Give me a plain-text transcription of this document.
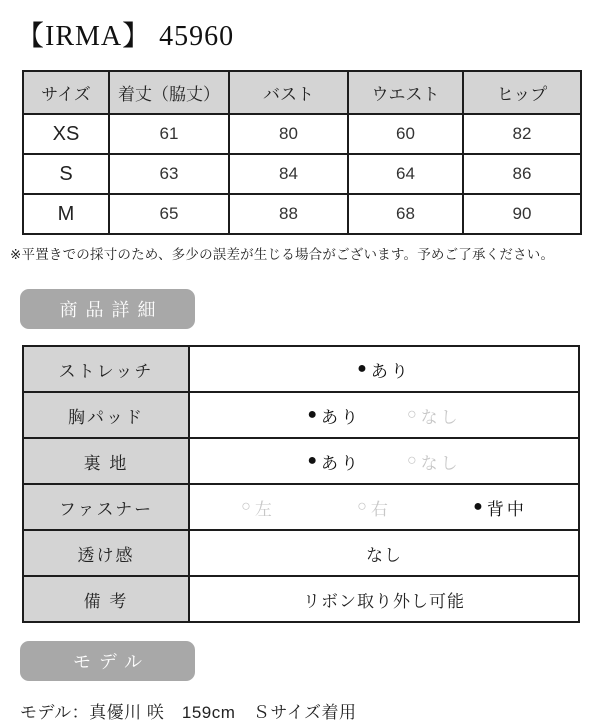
【IRMA】 45960
サイズ	着丈（脇丈）	バスト	ウエスト	ヒップ
XS	61	80	60	82
S	63	84	64	86
M	65	88	68	90
※平置きでの採寸のため、多少の誤差が生じる場合がございます。予めご了承ください。
商品詳細
ストレッチ	● あり

胸パッド	● あり ○ なし

裏 地	● あり ○ なし

ファスナー	○ 左	○ 右	● 背中

透け感	なし
備 考	リボン取り外し可能
モデル
モデル：真優川 咲　159cm　Ｓサイズ着用
